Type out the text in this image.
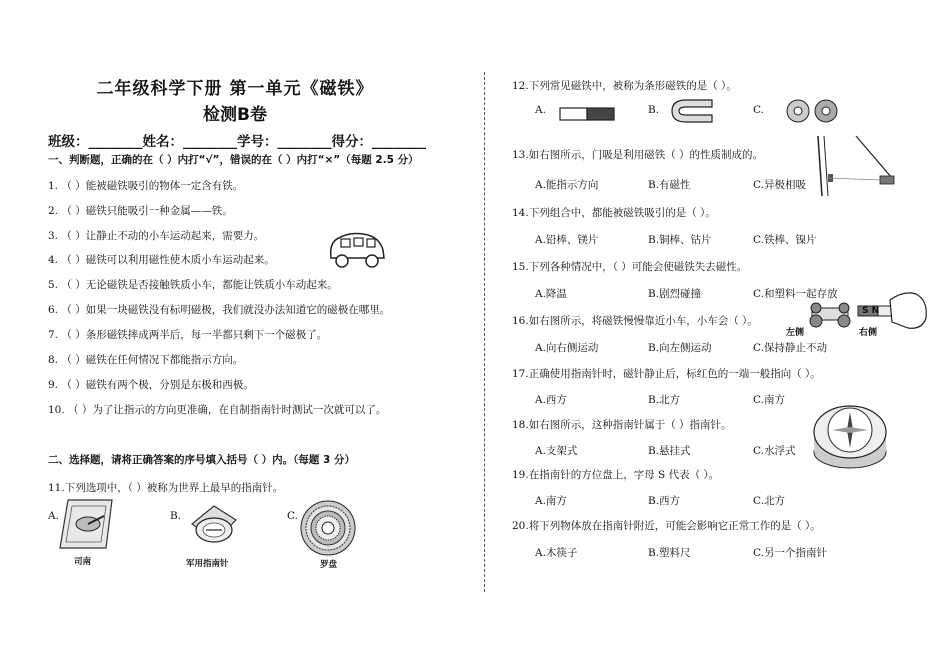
二年级科学下册 第一单元《磁铁》
检测B卷
班级：________姓名：________学号：________得分：________
一、判断题，正确的在（ ）内打“√”，错误的在（ ）内打“×”（每题 2.5 分）
1. （ ）能被磁铁吸引的物体一定含有铁。
2. （ ）磁铁只能吸引一种金属——铁。
3. （ ）让静止不动的小车运动起来，需要力。
4. （ ）磁铁可以利用磁性使木质小车运动起来。
5. （ ）无论磁铁是否接触铁质小车，都能让铁质小车动起来。
6. （ ）如果一块磁铁没有标明磁极，我们就没办法知道它的磁极在哪里。
7. （ ）条形磁铁摔成两半后，每一半都只剩下一个磁极了。
8. （ ）磁铁在任何情况下都能指示方向。
9. （ ）磁铁有两个极，分别是东极和西极。
10. （ ）为了让指示的方向更准确，在自制指南针时测试一次就可以了。
二、选择题，请将正确答案的序号填入括号（ ）内。（每题 3 分）
11.下列选项中，（ ）被称为世界上最早的指南针。
A.
司南
B.
军用指南针
C.
罗盘
12.下列常见磁铁中，被称为条形磁铁的是（ ）。
A.	B.	C.
13.如右图所示，门吸是利用磁铁（ ）的性质制成的。
A.能指示方向	B.有磁性	C.异极相吸
14.下列组合中，都能被磁铁吸引的是（ ）。
A.铅棒、镁片	B.铜棒、钴片	C.铁棒、镍片
15.下列各种情况中，（ ）可能会使磁铁失去磁性。
A.降温	B.剧烈碰撞	C.和塑料一起存放
16.如右图所示，将磁铁慢慢靠近小车，小车会（ ）。
A.向右侧运动	B.向左侧运动	C.保持静止不动
左侧
S N
右侧
17.正确使用指南针时，磁针静止后，标红色的一端一般指向（ ）。
A.西方	B.北方	C.南方
18.如右图所示，这种指南针属于（ ）指南针。
A.支架式	B.悬挂式	C.水浮式
19.在指南针的方位盘上，字母 S 代表（ ）。
A.南方	B.西方	C.北方
20.将下列物体放在指南针附近，可能会影响它正常工作的是（ ）。
A.木筷子	B.塑料尺	C.另一个指南针
